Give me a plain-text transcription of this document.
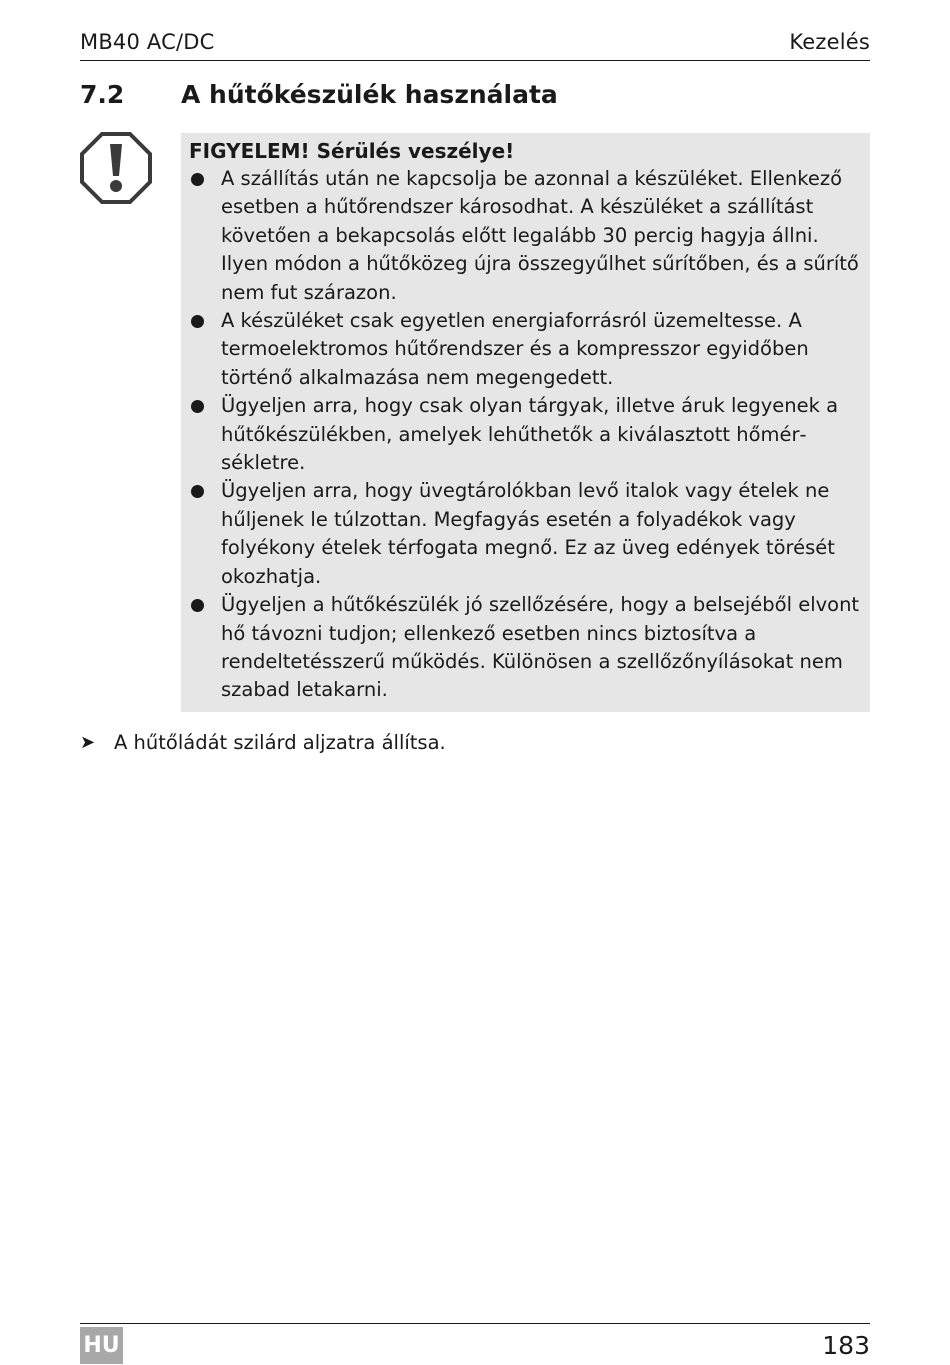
MB40 AC/DC	Kezelés
7.2 A hűtőkészülék használata
FIGYELEM! Sérülés veszélye!
A szállítás után ne kapcsolja be azonnal a készüléket. Ellenkező esetben a hűtőrendszer károsodhat. A készüléket a szállítást követően a bekapcsolás előtt legalább 30 percig hagyja állni. Ilyen módon a hűtőközeg újra összegyűlhet sűrítőben, és a sűrítő nem fut szárazon.
A készüléket csak egyetlen energiaforrásról üzemeltesse. A termoelektromos hűtőrendszer és a kompresszor egyidőben történő alkalmazása nem megengedett.
Ügyeljen arra, hogy csak olyan tárgyak, illetve áruk legyenek a hűtőkészülékben, amelyek lehűthetők a kiválasztott hőmérsékletre.
Ügyeljen arra, hogy üvegtárolókban levő italok vagy ételek ne hűljenek le túlzottan. Megfagyás esetén a folyadékok vagy folyékony ételek térfogata megnő. Ez az üveg edények törését okozhatja.
Ügyeljen a hűtőkészülék jó szellőzésére, hogy a belsejéből elvont hő távozni tudjon; ellenkező esetben nincs biztosítva a rendeltetésszerű működés. Különösen a szellőzőnyílásokat nem szabad letakarni.
➤ A hűtőládát szilárd aljzatra állítsa.
HU	183
